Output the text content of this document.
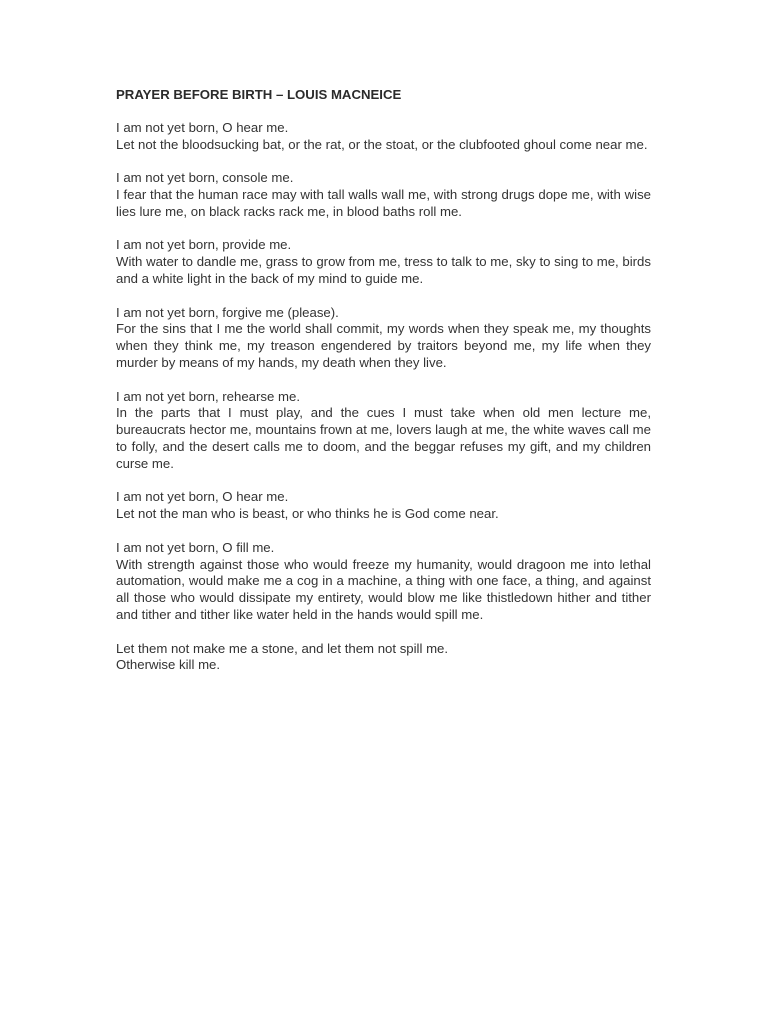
PRAYER BEFORE BIRTH – LOUIS MACNEICE
I am not yet born, O hear me.
Let not the bloodsucking bat, or the rat, or the stoat, or the clubfooted ghoul come near me.
I am not yet born, console me.
I fear that the human race may with tall walls wall me, with strong drugs dope me, with wise lies lure me, on black racks rack me, in blood baths roll me.
I am not yet born, provide me.
With water to dandle me, grass to grow from me, tress to talk to me, sky to sing to me, birds and a white light in the back of my mind to guide me.
I am not yet born, forgive me (please).
For the sins that I me the world shall commit, my words when they speak me, my thoughts when they think me, my treason engendered by traitors beyond me, my life when they murder by means of my hands, my death when they live.
I am not yet born, rehearse me.
In the parts that I must play, and the cues I must take when old men lecture me, bureaucrats hector me, mountains frown at me, lovers laugh at me, the white waves call me to folly, and the desert calls me to doom, and the beggar refuses my gift, and my children curse me.
I am not yet born, O hear me.
Let not the man who is beast, or who thinks he is God come near.
I am not yet born, O fill me.
With strength against those who would freeze my humanity, would dragoon me into lethal automation, would make me a cog in a machine, a thing with one face, a thing, and against all those who would dissipate my entirety, would blow me like thistledown hither and tither and tither and tither like water held in the hands would spill me.
Let them not make me a stone, and let them not spill me.
Otherwise kill me.
